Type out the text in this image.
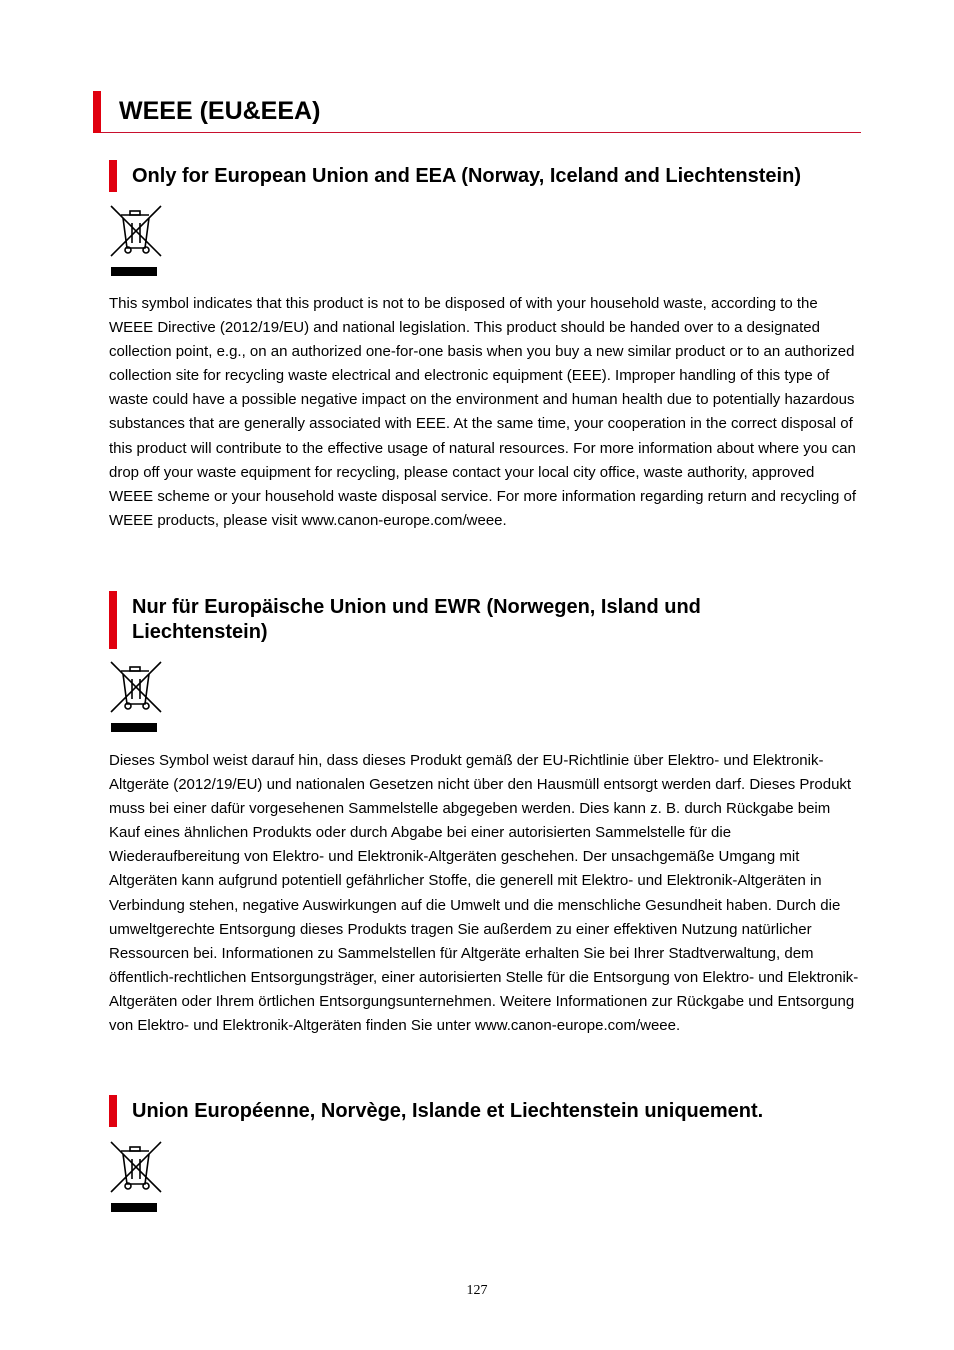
WEEE (EU&EEA)
Only for European Union and EEA (Norway, Iceland and Liechtenstein)

This symbol indicates that this product is not to be disposed of with your household waste, according to the WEEE Directive (2012/19/EU) and national legislation. This product should be handed over to a designated collection point, e.g., on an authorized one-for-one basis when you buy a new similar product or to an authorized collection site for recycling waste electrical and electronic equipment (EEE). Improper handling of this type of waste could have a possible negative impact on the environment and human health due to potentially hazardous substances that are generally associated with EEE. At the same time, your cooperation in the correct disposal of this product will contribute to the effective usage of natural resources. For more information about where you can drop off your waste equipment for recycling, please contact your local city office, waste authority, approved WEEE scheme or your household waste disposal service. For more information regarding return and recycling of WEEE products, please visit www.canon-europe.com/weee.

Nur für Europäische Union und EWR (Norwegen, Island und Liechtenstein)

Dieses Symbol weist darauf hin, dass dieses Produkt gemäß der EU-Richtlinie über Elektro- und Elektronik-Altgeräte (2012/19/EU) und nationalen Gesetzen nicht über den Hausmüll entsorgt werden darf. Dieses Produkt muss bei einer dafür vorgesehenen Sammelstelle abgegeben werden. Dies kann z. B. durch Rückgabe beim Kauf eines ähnlichen Produkts oder durch Abgabe bei einer autorisierten Sammelstelle für die Wiederaufbereitung von Elektro- und Elektronik-Altgeräten geschehen. Der unsachgemäße Umgang mit Altgeräten kann aufgrund potentiell gefährlicher Stoffe, die generell mit Elektro- und Elektronik-Altgeräten in Verbindung stehen, negative Auswirkungen auf die Umwelt und die menschliche Gesundheit haben. Durch die umweltgerechte Entsorgung dieses Produkts tragen Sie außerdem zu einer effektiven Nutzung natürlicher Ressourcen bei. Informationen zu Sammelstellen für Altgeräte erhalten Sie bei Ihrer Stadtverwaltung, dem öffentlich-rechtlichen Entsorgungsträger, einer autorisierten Stelle für die Entsorgung von Elektro- und Elektronik-Altgeräten oder Ihrem örtlichen Entsorgungsunternehmen. Weitere Informationen zur Rückgabe und Entsorgung von Elektro- und Elektronik-Altgeräten finden Sie unter www.canon-europe.com/weee.

Union Européenne, Norvège, Islande et Liechtenstein uniquement.
127
